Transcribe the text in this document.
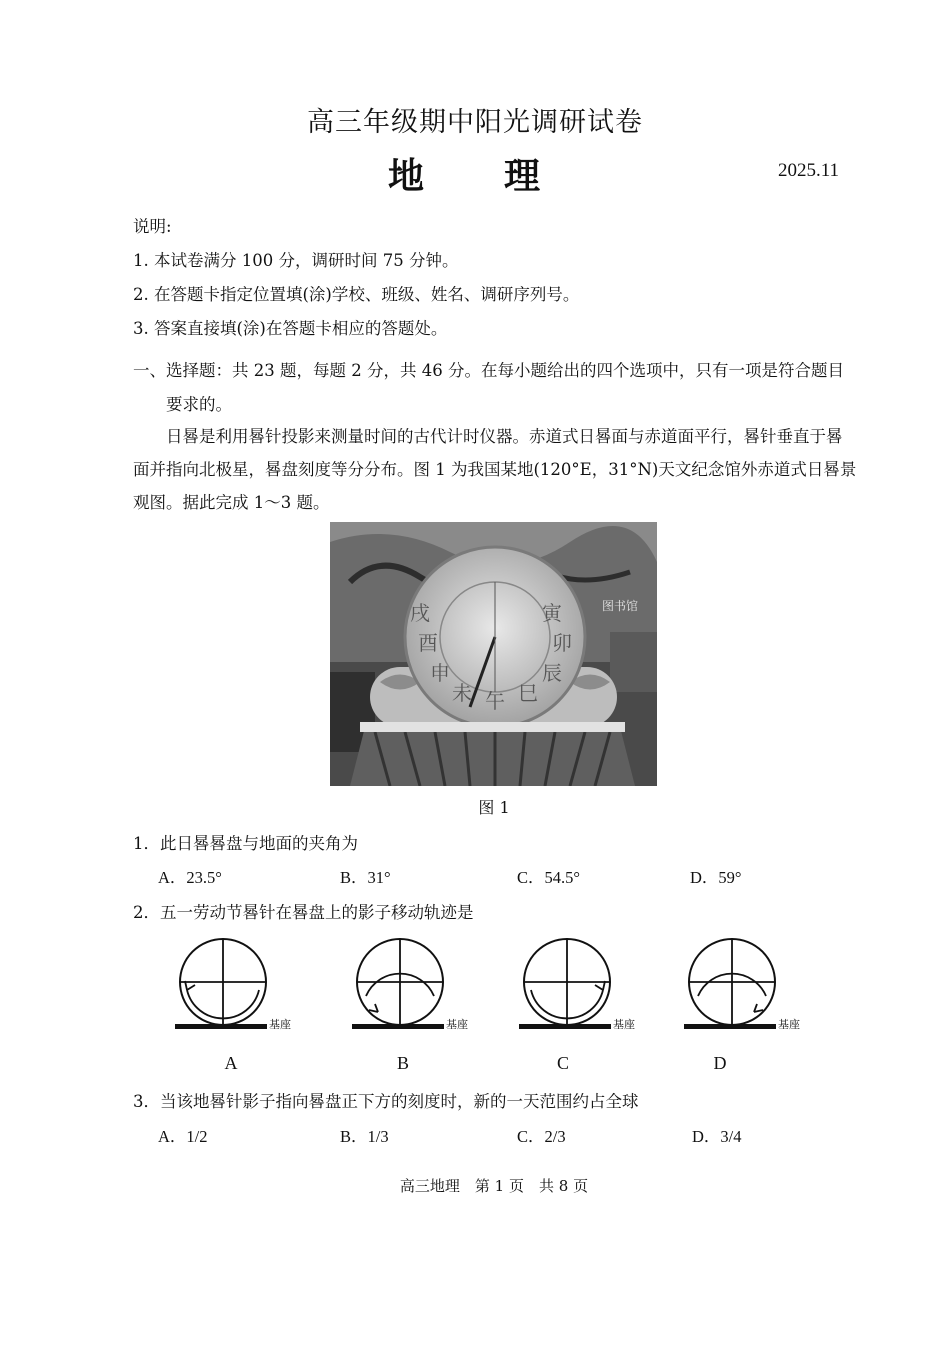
高三年级期中阳光调研试卷
地　理	2025.11
说明:
1. 本试卷满分 100 分，调研时间 75 分钟。
2. 在答题卡指定位置填(涂)学校、班级、姓名、调研序列号。
3. 答案直接填(涂)在答题卡相应的答题处。
一、选择题：共 23 题，每题 2 分，共 46 分。在每小题给出的四个选项中，只有一项是符合题目
要求的。
日晷是利用晷针投影来测量时间的古代计时仪器。赤道式日晷面与赤道面平行，晷针垂直于晷面并指向北极星，晷盘刻度等分分布。图 1 为我国某地(120°E，31°N)天文纪念馆外赤道式日晷景观图。据此完成 1～3 题。
戌
酉
申
未 午 巳
辰
卯
寅	图书馆
图 1
1．此日晷晷盘与地面的夹角为
A．23.5°	B．31°	C．54.5°	D．59°
2．五一劳动节晷针在晷盘上的影子移动轨迹是
基座
A
基座
B
基座
C
基座
D
3．当该地晷针影子指向晷盘正下方的刻度时，新的一天范围约占全球
A．1/2	B．1/3	C．2/3	D．3/4
高三地理　第 1 页　共 8 页
